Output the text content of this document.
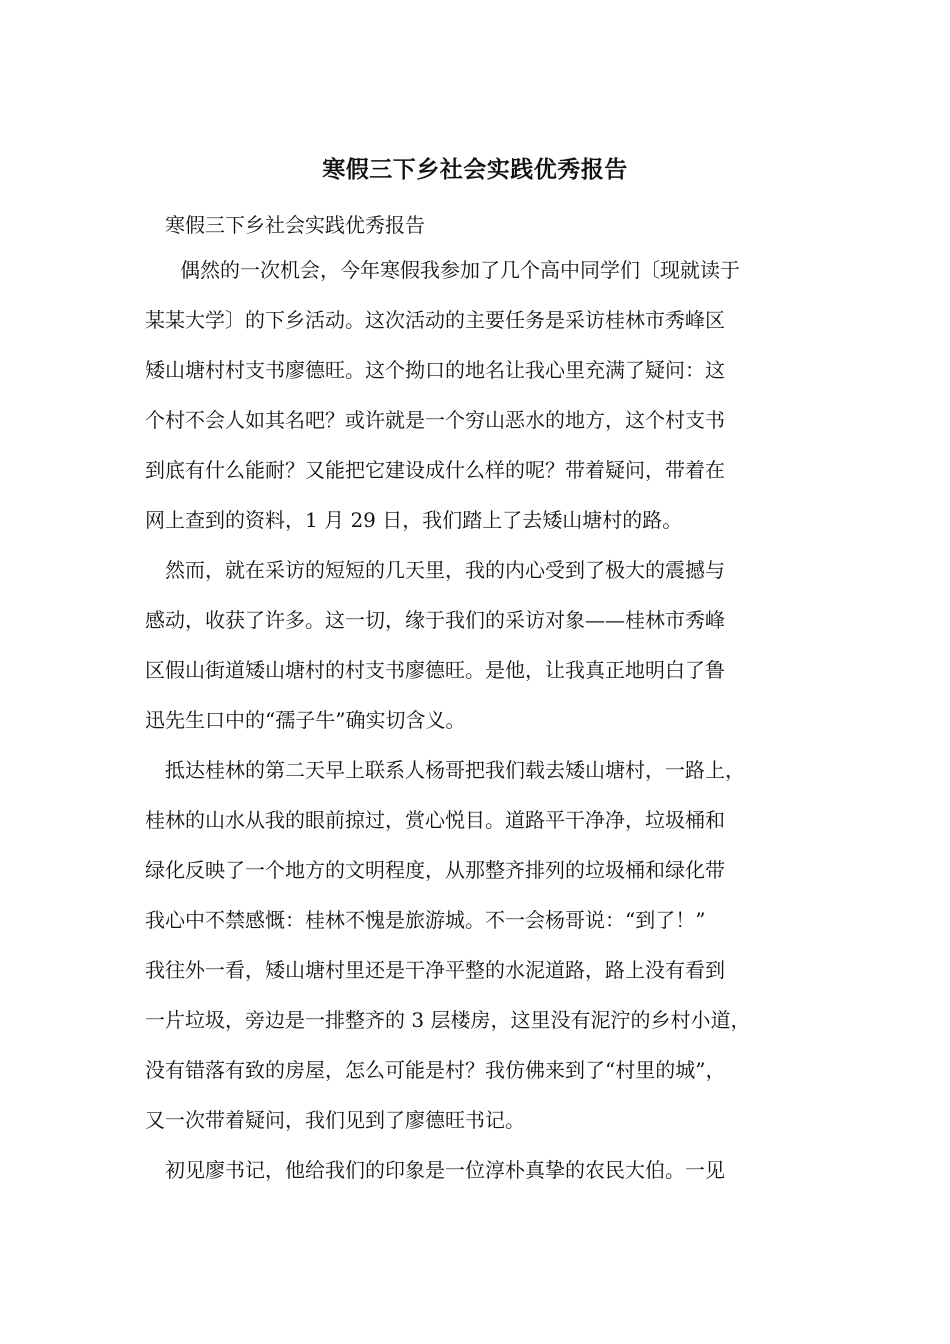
寒假三下乡社会实践优秀报告
寒假三下乡社会实践优秀报告
偶然的一次机会，今年寒假我参加了几个高中同学们〔现就读于
某某大学〕的下乡活动。这次活动的主要任务是采访桂林市秀峰区
矮山塘村村支书廖德旺。这个拗口的地名让我心里充满了疑问：这
个村不会人如其名吧？或许就是一个穷山恶水的地方，这个村支书
到底有什么能耐？又能把它建设成什么样的呢？带着疑问，带着在
网上查到的资料，1 月 29 日，我们踏上了去矮山塘村的路。
然而，就在采访的短短的几天里，我的内心受到了极大的震撼与
感动，收获了许多。这一切，缘于我们的采访对象——桂林市秀峰
区假山街道矮山塘村的村支书廖德旺。是他，让我真正地明白了鲁
迅先生口中的“孺子牛”确实切含义。
抵达桂林的第二天早上联系人杨哥把我们载去矮山塘村，一路上，
桂林的山水从我的眼前掠过，赏心悦目。道路平干净净，垃圾桶和
绿化反映了一个地方的文明程度，从那整齐排列的垃圾桶和绿化带
我心中不禁感慨：桂林不愧是旅游城。不一会杨哥说：“到了！”
我往外一看，矮山塘村里还是干净平整的水泥道路，路上没有看到
一片垃圾，旁边是一排整齐的 3 层楼房，这里没有泥泞的乡村小道，
没有错落有致的房屋，怎么可能是村？我仿佛来到了“村里的城”，
又一次带着疑问，我们见到了廖德旺书记。
初见廖书记，他给我们的印象是一位淳朴真挚的农民大伯。一见
